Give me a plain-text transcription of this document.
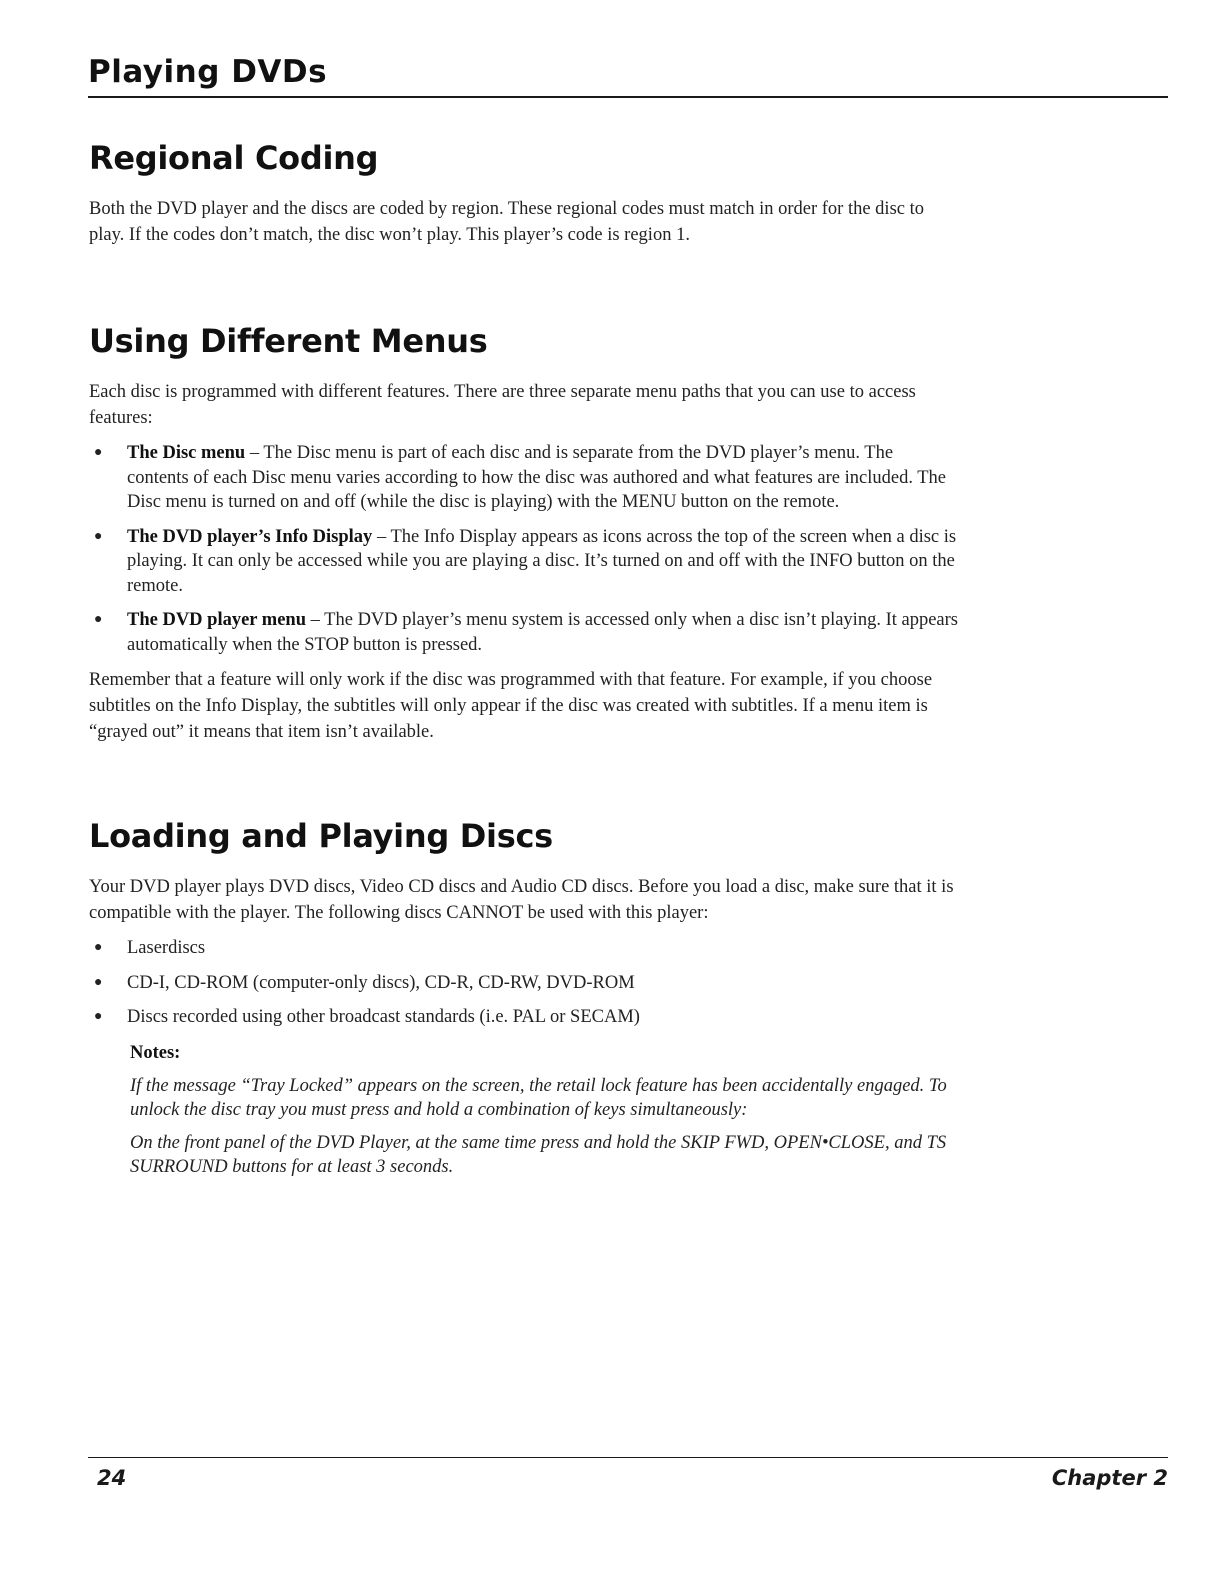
Playing DVDs
Regional Coding

Both the DVD player and the discs are coded by region. These regional codes must match in order for the disc to play. If the codes don’t match, the disc won’t play. This player’s code is region 1.

Using Different Menus

Each disc is programmed with different features. There are three separate menu paths that you can use to access features:

● The Disc menu – The Disc menu is part of each disc and is separate from the DVD player’s menu. The contents of each Disc menu varies according to how the disc was authored and what features are included. The Disc menu is turned on and off (while the disc is playing) with the MENU button on the remote.
● The DVD player’s Info Display – The Info Display appears as icons across the top of the screen when a disc is playing. It can only be accessed while you are playing a disc. It’s turned on and off with the INFO button on the remote.
● The DVD player menu – The DVD player’s menu system is accessed only when a disc isn’t playing. It appears automatically when the STOP button is pressed.

Remember that a feature will only work if the disc was programmed with that feature. For example, if you choose subtitles on the Info Display, the subtitles will only appear if the disc was created with subtitles. If a menu item is “grayed out” it means that item isn’t available.

Loading and Playing Discs

Your DVD player plays DVD discs, Video CD discs and Audio CD discs. Before you load a disc, make sure that it is compatible with the player. The following discs CANNOT be used with this player:

● Laserdiscs
● CD-I, CD-ROM (computer-only discs), CD-R, CD-RW, DVD-ROM
● Discs recorded using other broadcast standards (i.e. PAL or SECAM)

Notes:

If the message “Tray Locked” appears on the screen, the retail lock feature has been accidentally engaged. To unlock the disc tray you must press and hold a combination of keys simultaneously:

On the front panel of the DVD Player, at the same time press and hold the SKIP FWD, OPEN•CLOSE, and TS SURROUND buttons for at least 3 seconds.

24	Chapter 2
